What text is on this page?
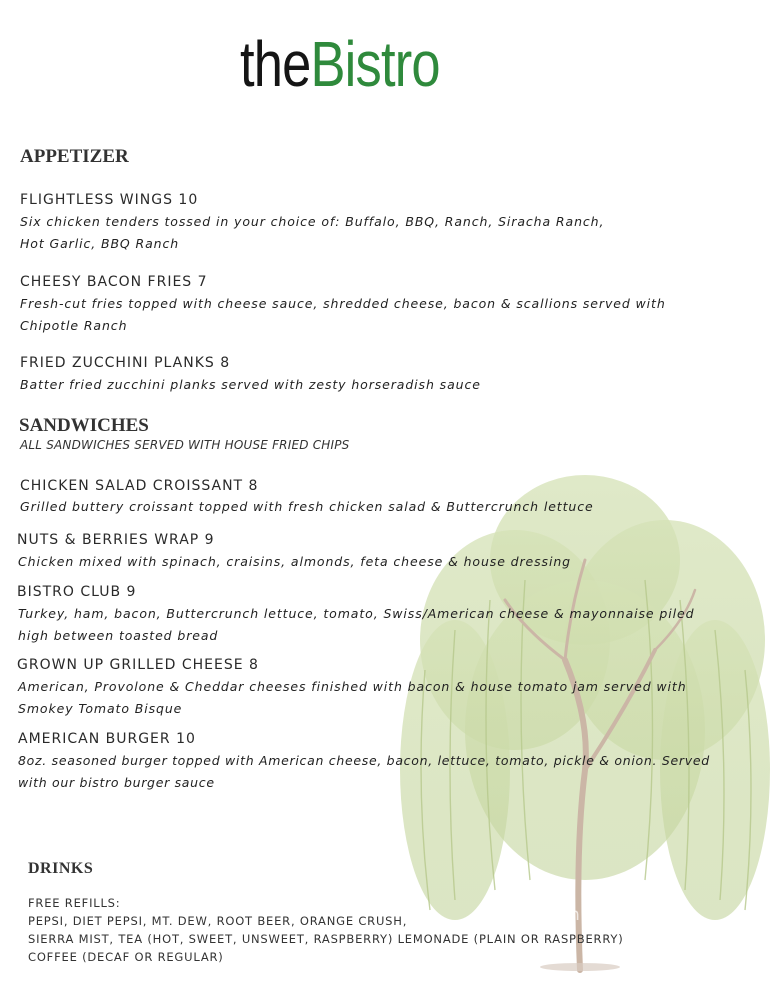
theBistro
APPETIZER
FLIGHTLESS WINGS 10
Six chicken tenders tossed in your choice of: Buffalo, BBQ, Ranch, Siracha Ranch,
Hot Garlic, BBQ Ranch
CHEESY BACON FRIES 7
Fresh-cut fries topped with cheese sauce, shredded cheese, bacon & scallions served with
Chipotle Ranch
FRIED ZUCCHINI PLANKS 8
Batter fried zucchini planks served with zesty horseradish sauce
SANDWICHES
ALL SANDWICHES SERVED WITH HOUSE FRIED CHIPS
CHICKEN SALAD CROISSANT 8
Grilled buttery croissant topped with fresh chicken salad & Buttercrunch lettuce
NUTS & BERRIES WRAP 9
Chicken mixed with spinach, craisins, almonds, feta cheese & house dressing
BISTRO CLUB 9
Turkey, ham, bacon, Buttercrunch lettuce, tomato, Swiss/American cheese & mayonnaise piled
high between toasted bread
GROWN UP GRILLED CHEESE 8
American, Provolone & Cheddar cheeses finished with bacon & house tomato jam served with
Smokey Tomato Bisque
AMERICAN BURGER 10
8oz. seasoned burger topped with American cheese, bacon, lettuce, tomato, pickle & onion. Served
with our bistro burger sauce
DRINKS
FREE REFILLS:
PEPSI, DIET PEPSI, MT. DEW, ROOT BEER, ORANGE CRUSH,
SIERRA MIST, TEA (HOT, SWEET, UNSWEET, RASPBERRY) LEMONADE (PLAIN OR RASPBERRY)
COFFEE (DECAF OR REGULAR)
menupix
